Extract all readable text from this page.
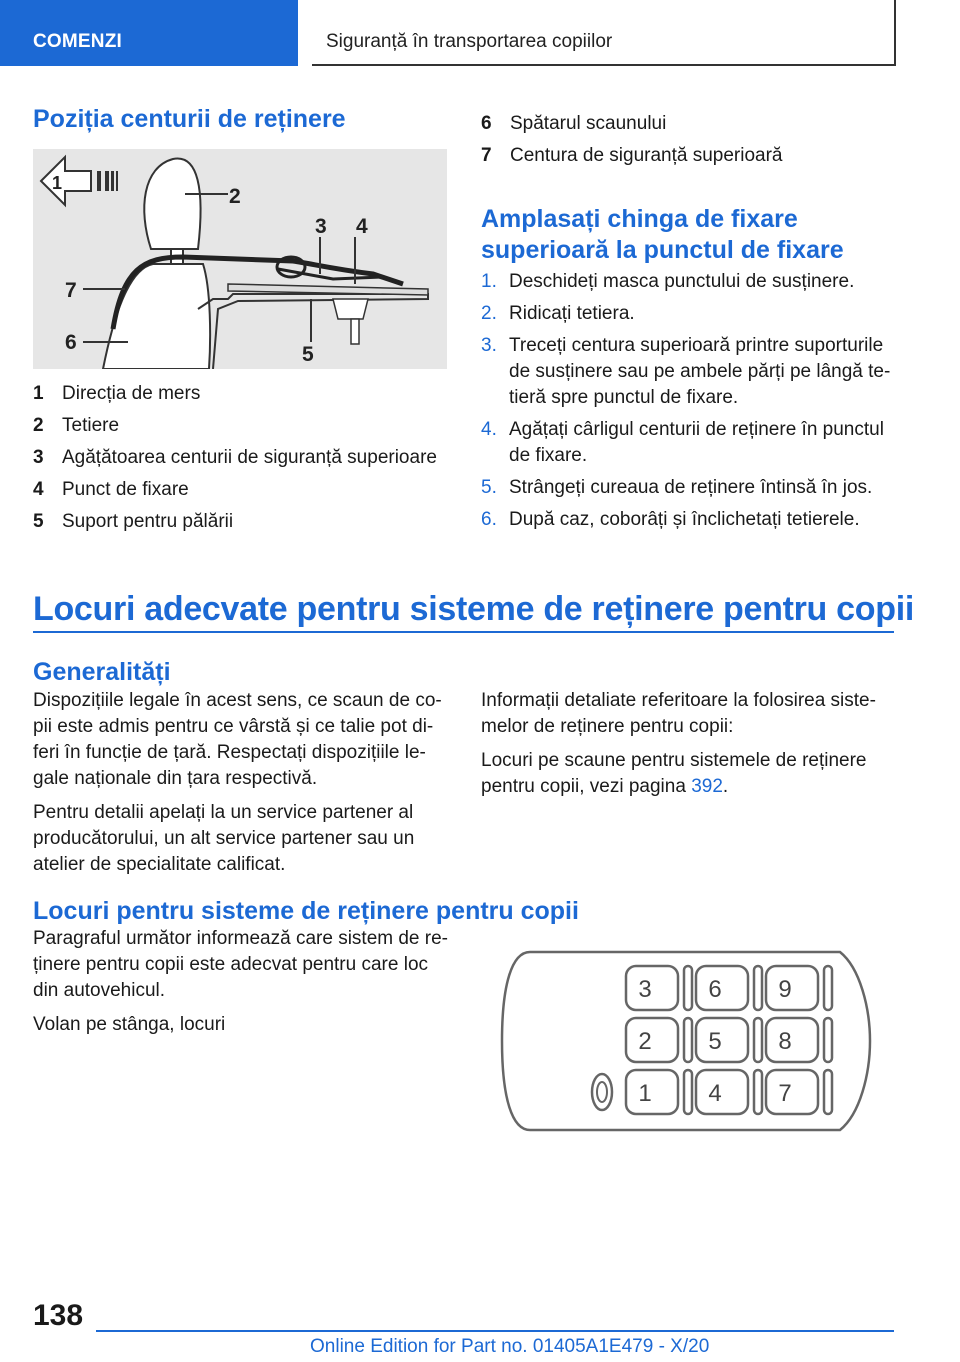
COMENZI	Siguranță în transportarea copiilor
Poziția centurii de reținere
2
3 4
5
6
7
1
1 Direcția de mers
2 Tetiere
3 Agățătoarea centurii de siguranță superioare
4 Punct de fixare
5 Suport pentru pălării
6 Spătarul scaunului
7 Centura de siguranță superioară
Amplasați chinga de fixare
superioară la punctul de fixare
1. Deschideți masca punctului de susținere.
2. Ridicați tetiera.
3. Treceți centura superioară printre suporturile de susținere sau pe ambele părți pe lângă tetieră spre punctul de fixare.
4. Agățați cârligul centurii de reținere în punctul de fixare.
5. Strângeți cureaua de reținere întinsă în jos.
6. După caz, coborâți și înclichetați tetierele.
Locuri adecvate pentru sisteme de reținere pentru copii
Generalități

Dispozițiile legale în acest sens, ce scaun de copii este admis pentru ce vârstă și ce talie pot diferi în funcție de țară. Respectați dispozițiile legale naționale din țara respectivă.

Pentru detalii apelați la un service partener al producătorului, un alt service partener sau un atelier de specialitate calificat.

Informații detaliate referitoare la folosirea sistemelor de reținere pentru copii:

Locuri pe scaune pentru sistemele de reținere pentru copii, vezi pagina 392.

Locuri pentru sisteme de reținere pentru copii

Paragraful următor informează care sistem de reținere pentru copii este adecvat pentru care loc din autovehicul.

Volan pe stânga, locuri

3 6 9
2 5 8
1 4 7
138
Online Edition for Part no. 01405A1E479 - X/20
